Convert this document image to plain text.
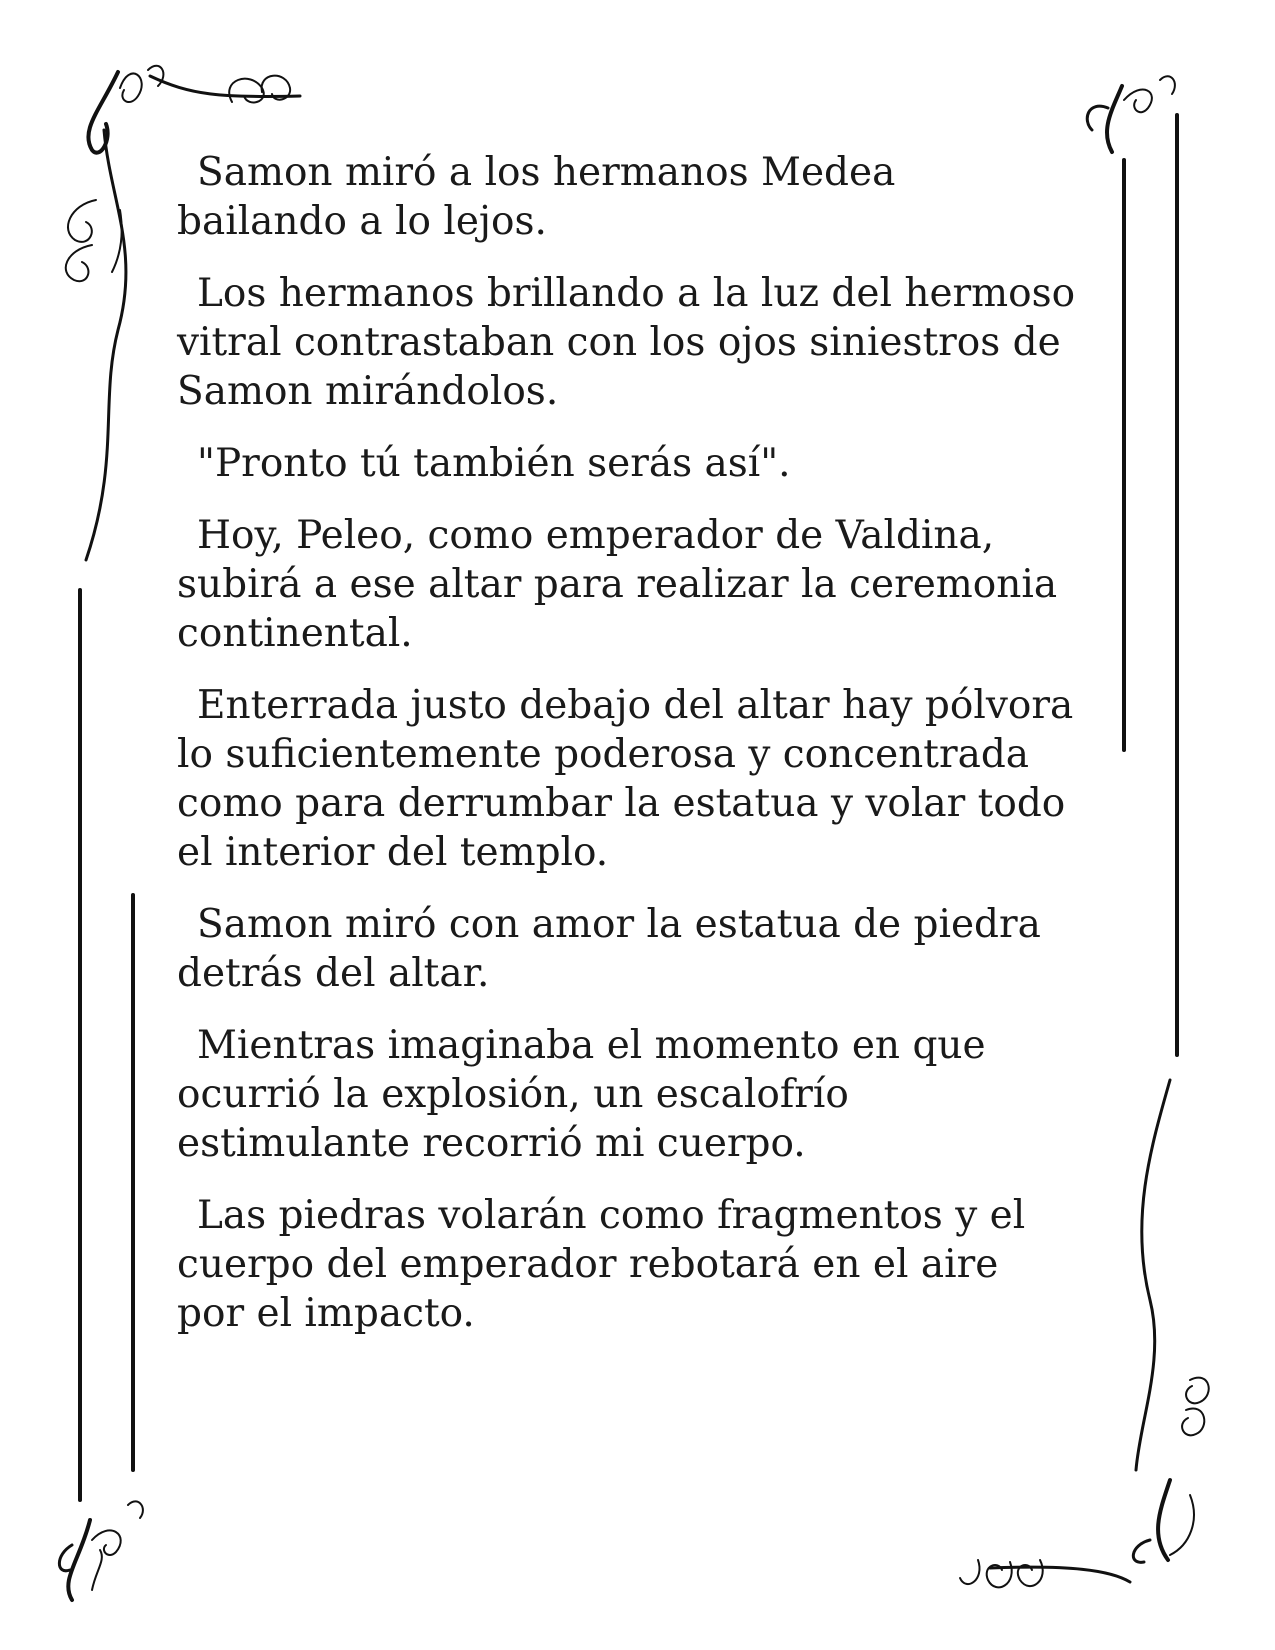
Samon miró a los hermanos Medea bailando a lo lejos.

Los hermanos brillando a la luz del hermoso vitral contrastaban con los ojos siniestros de Samon mirándolos.

"Pronto tú también serás así".

Hoy, Peleo, como emperador de Valdina, subirá a ese altar para realizar la ceremonia continental.

Enterrada justo debajo del altar hay pólvora lo suficientemente poderosa y concentrada como para derrumbar la estatua y volar todo el interior del templo.

Samon miró con amor la estatua de piedra detrás del altar.

Mientras imaginaba el momento en que ocurrió la explosión, un escalofrío estimulante recorrió mi cuerpo.

Las piedras volarán como fragmentos y el cuerpo del emperador rebotará en el aire por el impacto.
